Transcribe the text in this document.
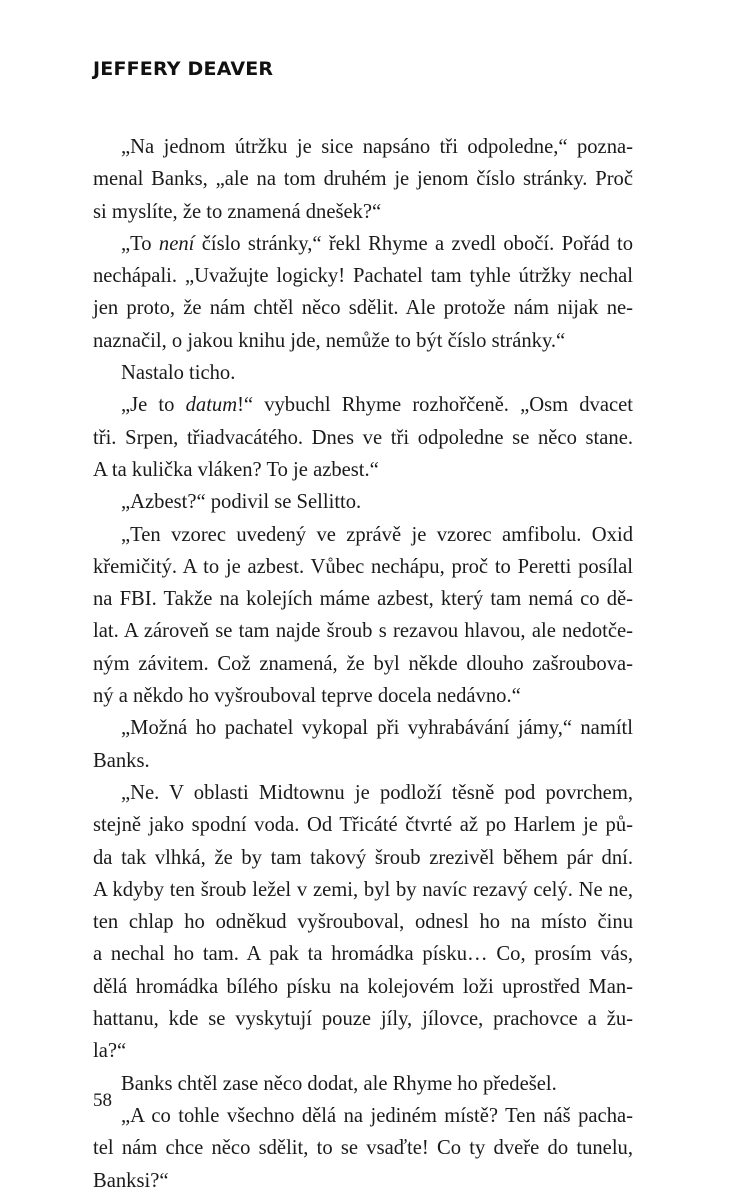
JEFFERY DEAVER

„Na jednom útržku je sice napsáno tři odpoledne,“ pozna-
menal Banks, „ale na tom druhém je jenom číslo stránky. Proč
si myslíte, že to znamená dnešek?“

„To není číslo stránky,“ řekl Rhyme a zvedl obočí. Pořád to
nechápali. „Uvažujte logicky! Pachatel tam tyhle útržky nechal
jen proto, že nám chtěl něco sdělit. Ale protože nám nijak ne-
naznačil, o jakou knihu jde, nemůže to být číslo stránky.“

Nastalo ticho.

„Je to datum!“ vybuchl Rhyme rozhořčeně. „Osm dvacet
tři. Srpen, třiadvacátého. Dnes ve tři odpoledne se něco stane.
A ta kulička vláken? To je azbest.“

„Azbest?“ podivil se Sellitto.

„Ten vzorec uvedený ve zprávě je vzorec amfibolu. Oxid
křemičitý. A to je azbest. Vůbec nechápu, proč to Peretti posílal
na FBI. Takže na kolejích máme azbest, který tam nemá co dě-
lat. A zároveň se tam najde šroub s rezavou hlavou, ale nedotče-
ným závitem. Což znamená, že byl někde dlouho zašroubova-
ný a někdo ho vyšrouboval teprve docela nedávno.“

„Možná ho pachatel vykopal při vyhrabávání jámy,“ namítl
Banks.

„Ne. V oblasti Midtownu je podloží těsně pod povrchem,
stejně jako spodní voda. Od Třicáté čtvrté až po Harlem je pů-
da tak vlhká, že by tam takový šroub zrezivěl během pár dní.
A kdyby ten šroub ležel v zemi, byl by navíc rezavý celý. Ne ne,
ten chlap ho odněkud vyšrouboval, odnesl ho na místo činu
a nechal ho tam. A pak ta hromádka písku… Co, prosím vás,
dělá hromádka bílého písku na kolejovém loži uprostřed Man-
hattanu, kde se vyskytují pouze jíly, jílovce, prachovce a žu-
la?“

Banks chtěl zase něco dodat, ale Rhyme ho předešel.

„A co tohle všechno dělá na jediném místě? Ten náš pacha-
tel nám chce něco sdělit, to se vsaďte! Co ty dveře do tunelu,
Banksi?“

58
